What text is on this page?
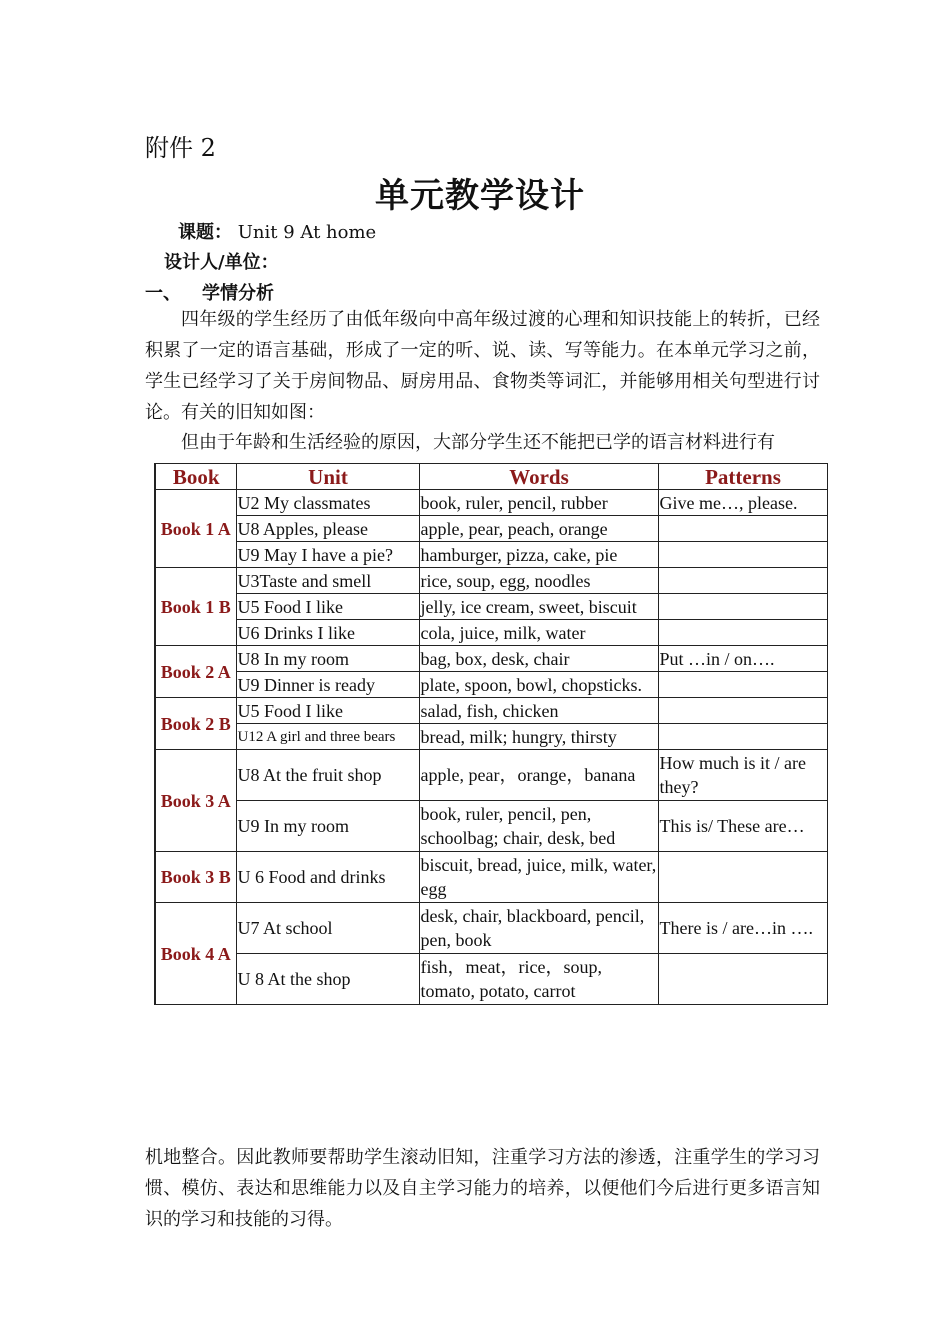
附件 2
单元教学设计
课题： Unit 9 At home
设计人/单位：
一、 学情分析
四年级的学生经历了由低年级向中高年级过渡的心理和知识技能上的转折，已经积累了一定的语言基础，形成了一定的听、说、读、写等能力。在本单元学习之前，学生已经学习了关于房间物品、厨房用品、食物类等词汇，并能够用相关句型进行讨论。有关的旧知如图：
但由于年龄和生活经验的原因，大部分学生还不能把已学的语言材料进行有
Book	Unit	Words	Patterns
Book 1 A	U2 My classmates	book, ruler, pencil, rubber	Give me…, please.
	U8 Apples, please	apple, pear, peach, orange	
	U9 May I have a pie?	hamburger, pizza, cake, pie	
Book 1 B	U3Taste and smell	rice, soup, egg, noodles	
	U5 Food I like	jelly, ice cream, sweet, biscuit	
	U6 Drinks I like	cola, juice, milk, water	
Book 2 A	U8 In my room	bag, box, desk, chair	Put …in / on….
	U9 Dinner is ready	plate, spoon, bowl, chopsticks.	
Book 2 B	U5 Food I like	salad, fish, chicken	
	U12 A girl and three bears	bread, milk; hungry, thirsty	
Book 3 A	U8 At the fruit shop	apple, pear，orange，banana	How much is it / are they?
	U9 In my room	book, ruler, pencil, pen, schoolbag; chair, desk, bed	This is/ These are…
Book 3 B	U 6 Food and drinks	biscuit, bread, juice, milk, water, egg	
Book 4 A	U7 At school	desk, chair, blackboard, pencil, pen, book	There is / are…in ….
	U 8 At the shop	fish，meat，rice，soup, tomato, potato, carrot	
机地整合。因此教师要帮助学生滚动旧知，注重学习方法的渗透，注重学生的学习习惯、模仿、表达和思维能力以及自主学习能力的培养，以便他们今后进行更多语言知识的学习和技能的习得。
